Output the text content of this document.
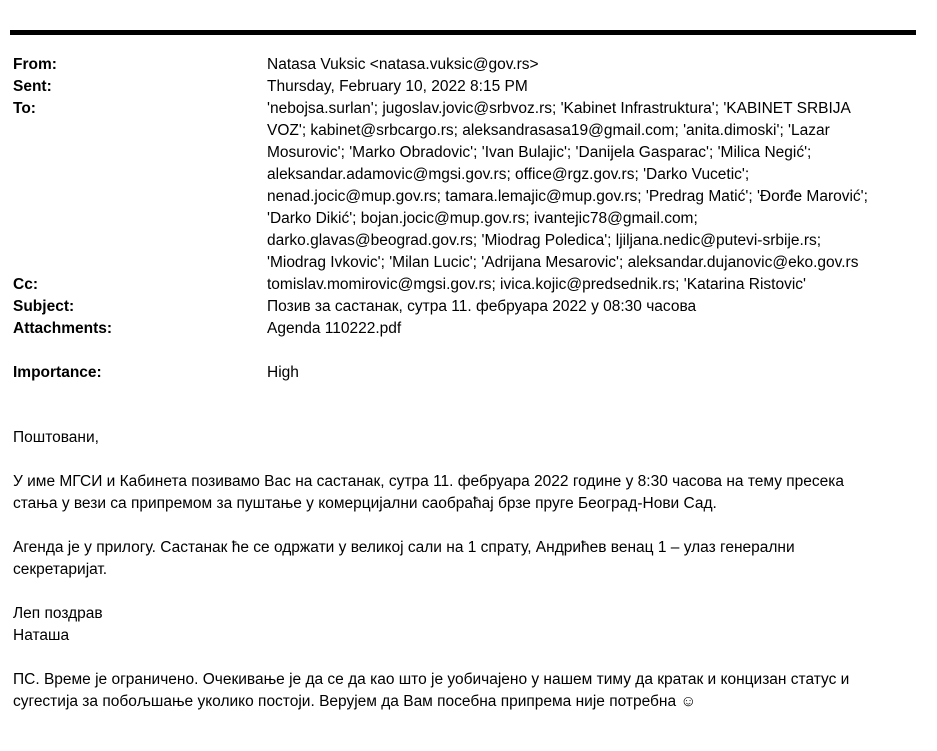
From:	Natasa Vuksic <natasa.vuksic@gov.rs>
Sent:	Thursday, February 10, 2022 8:15 PM
To:	'nebojsa.surlan'; jugoslav.jovic@srbvoz.rs; 'Kabinet Infrastruktura'; 'KABINET SRBIJA
VOZ'; kabinet@srbcargo.rs; aleksandrasasa19@gmail.com; 'anita.dimoski'; 'Lazar
Mosurovic'; 'Marko Obradovic'; 'Ivan Bulajic'; 'Danijela Gasparac'; 'Milica Negić';
aleksandar.adamovic@mgsi.gov.rs; office@rgz.gov.rs; 'Darko Vucetic';
nenad.jocic@mup.gov.rs; tamara.lemajic@mup.gov.rs; 'Predrag Matić'; 'Đorđe Marović';
'Darko Dikić'; bojan.jocic@mup.gov.rs; ivantejic78@gmail.com;
darko.glavas@beograd.gov.rs; 'Miodrag Poledica'; ljiljana.nedic@putevi-srbije.rs;
'Miodrag Ivkovic'; 'Milan Lucic'; 'Adrijana Mesarovic'; aleksandar.dujanovic@eko.gov.rs
Cc:	tomislav.momirovic@mgsi.gov.rs; ivica.kojic@predsednik.rs; 'Katarina Ristovic'
Subject:	Позив за састанак, сутра 11. фебруара 2022 у 08:30 часова
Attachments:	Agenda 110222.pdf
Importance:	High

Поштовани,

У име МГСИ и Кабинета позивамо Вас на састанак, сутра 11. фебруара 2022 године у 8:30 часова на тему пресека
стања у вези са припремом за пуштање у комерцијални саобраћај брзе пруге Београд-Нови Сад.

Агенда је у прилогу. Састанак ће се одржати у великој сали на 1 спрату, Андрићев венац 1 – улаз генерални
секретаријат.

Леп поздрав
Наташа

ПС. Време је ограничено. Очекивање је да се да као што је уобичајено у нашем тиму да кратак и концизан статус и
сугестија за побољшање уколико постоји. Верујем да Вам посебна припрема није потребна ☺
